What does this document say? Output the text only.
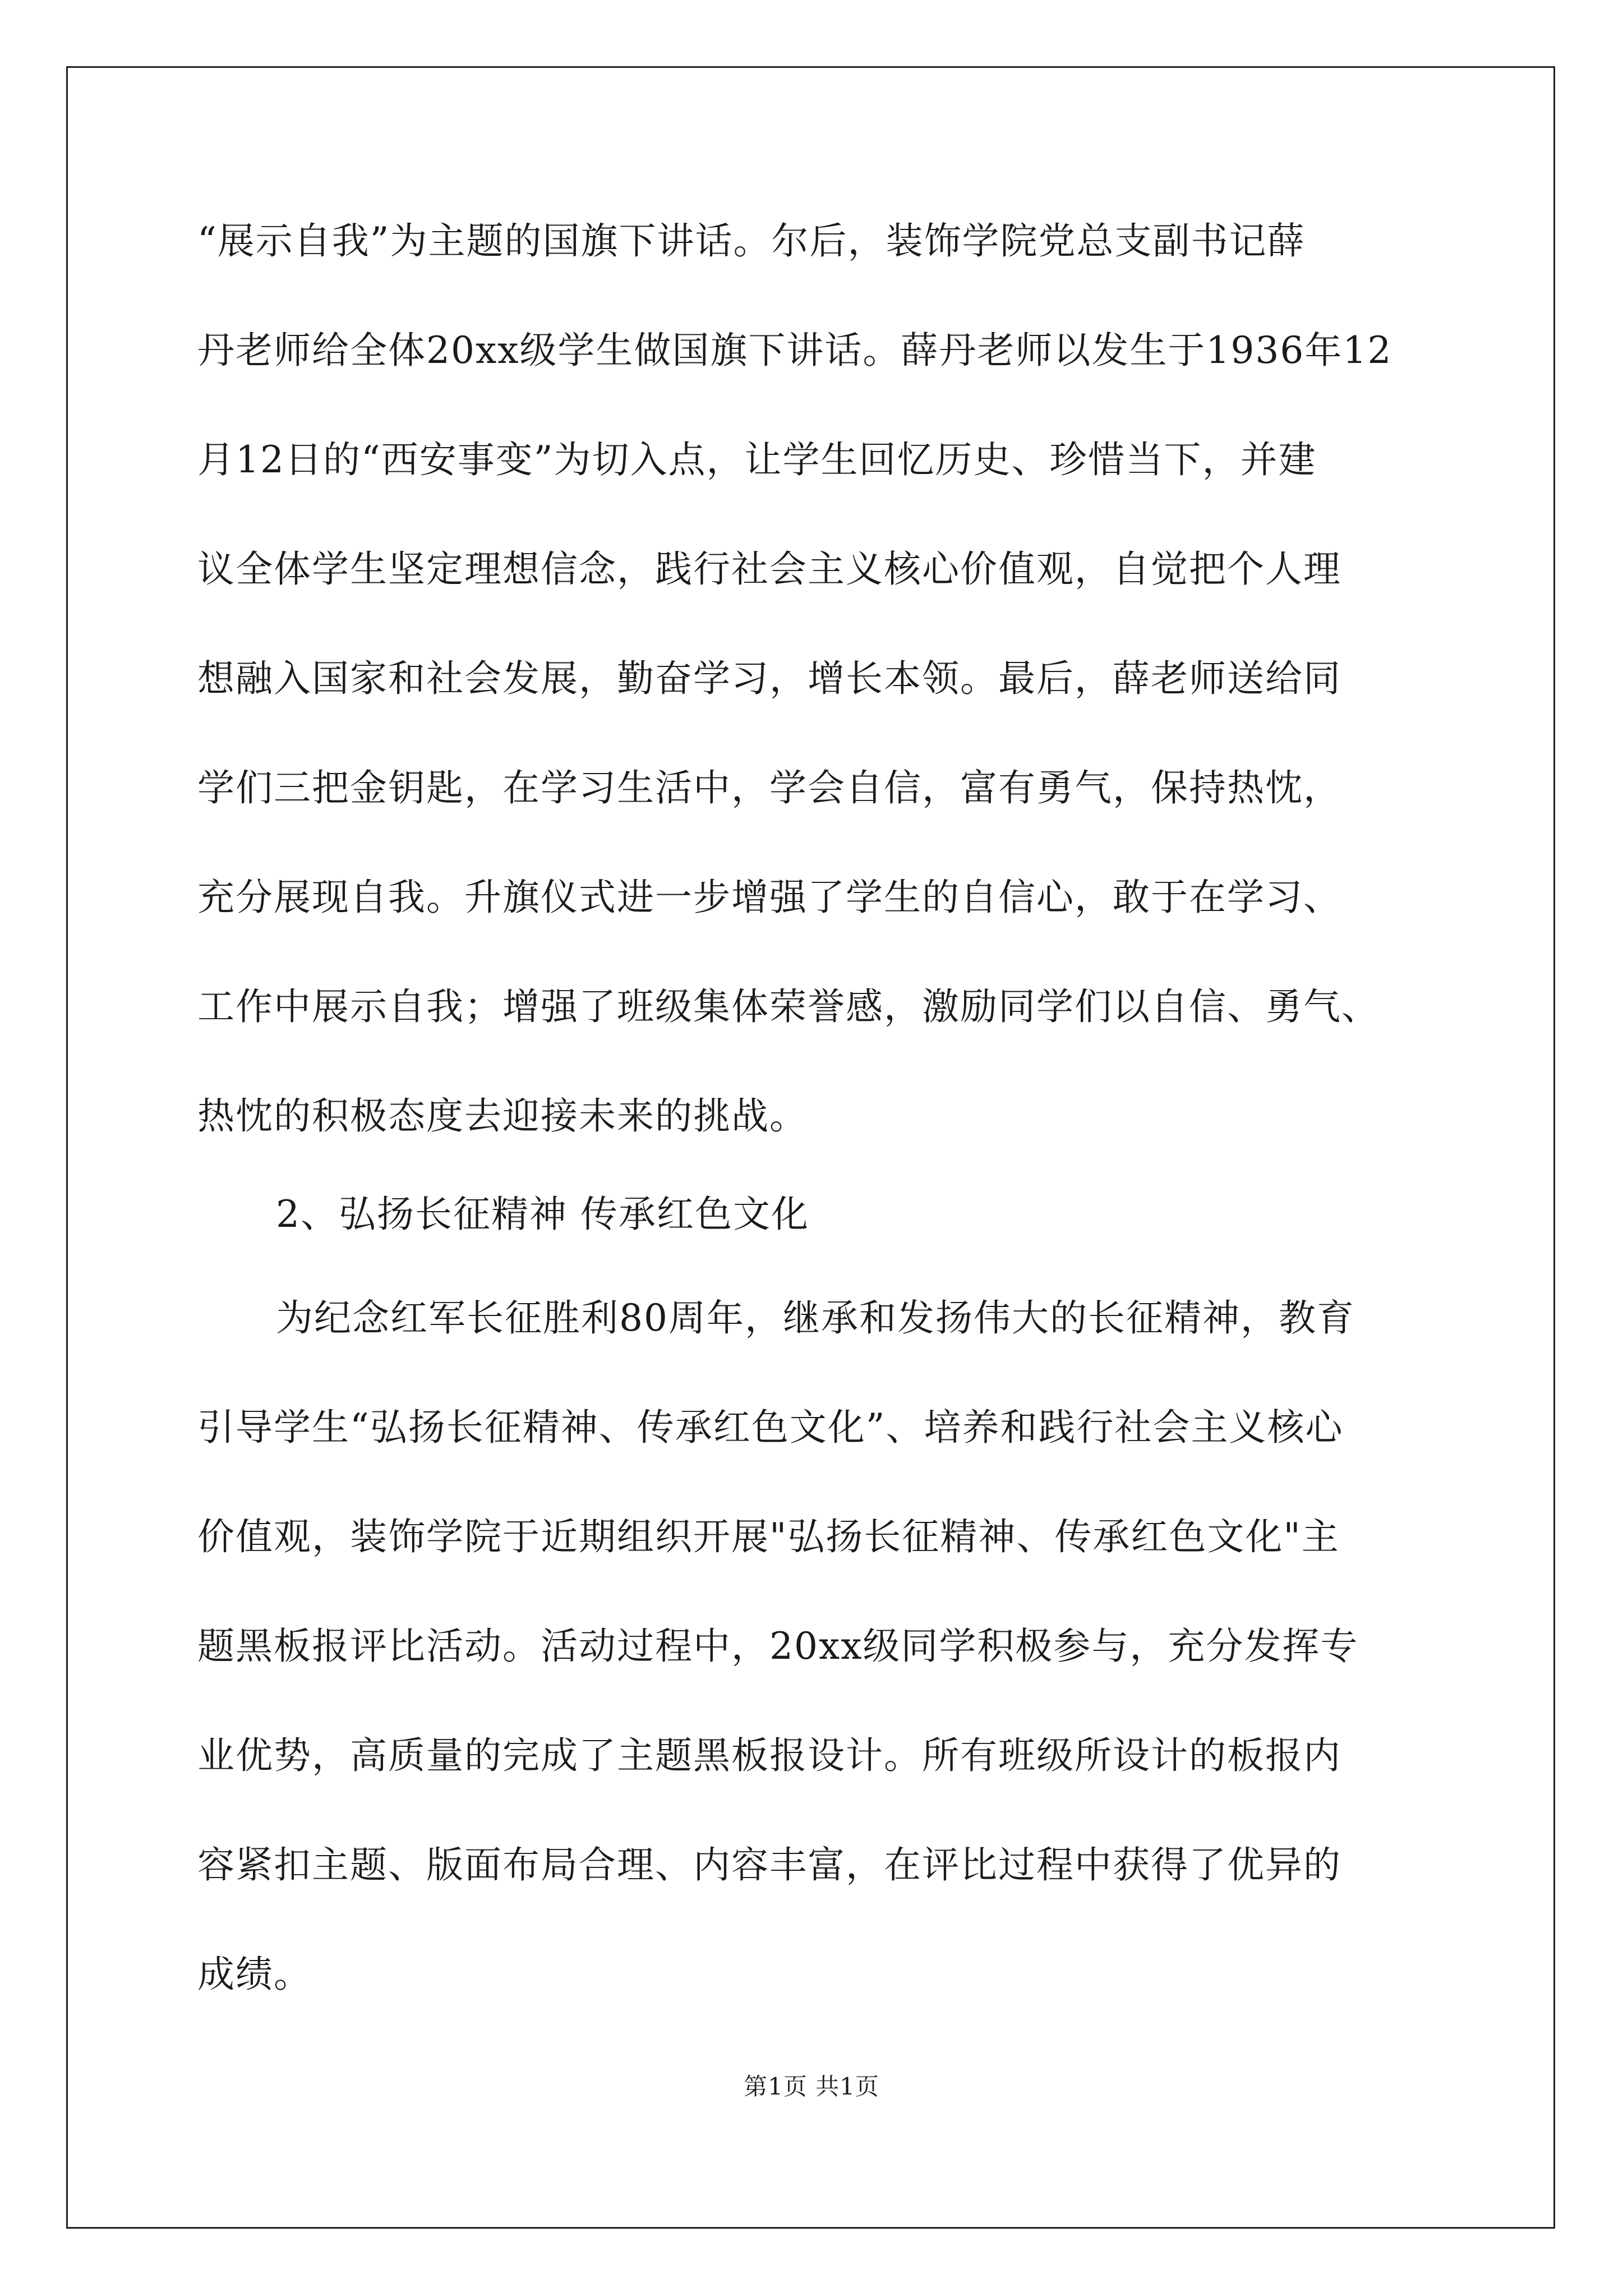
“展示自我”为主题的国旗下讲话。尔后，装饰学院党总支副书记薛
丹老师给全体20xx级学生做国旗下讲话。薛丹老师以发生于1936年12
月12日的“西安事变”为切入点，让学生回忆历史、珍惜当下，并建
议全体学生坚定理想信念，践行社会主义核心价值观，自觉把个人理
想融入国家和社会发展，勤奋学习，增长本领。最后，薛老师送给同
学们三把金钥匙，在学习生活中，学会自信，富有勇气，保持热忱，
充分展现自我。升旗仪式进一步增强了学生的自信心，敢于在学习、
工作中展示自我；增强了班级集体荣誉感，激励同学们以自信、勇气、
热忱的积极态度去迎接未来的挑战。
2、弘扬长征精神 传承红色文化
为纪念红军长征胜利80周年，继承和发扬伟大的长征精神，教育
引导学生“弘扬长征精神、传承红色文化”、培养和践行社会主义核心
价值观，装饰学院于近期组织开展"弘扬长征精神、传承红色文化"主
题黑板报评比活动。活动过程中，20xx级同学积极参与，充分发挥专
业优势，高质量的完成了主题黑板报设计。所有班级所设计的板报内
容紧扣主题、版面布局合理、内容丰富，在评比过程中获得了优异的
成绩。
第1页 共1页
